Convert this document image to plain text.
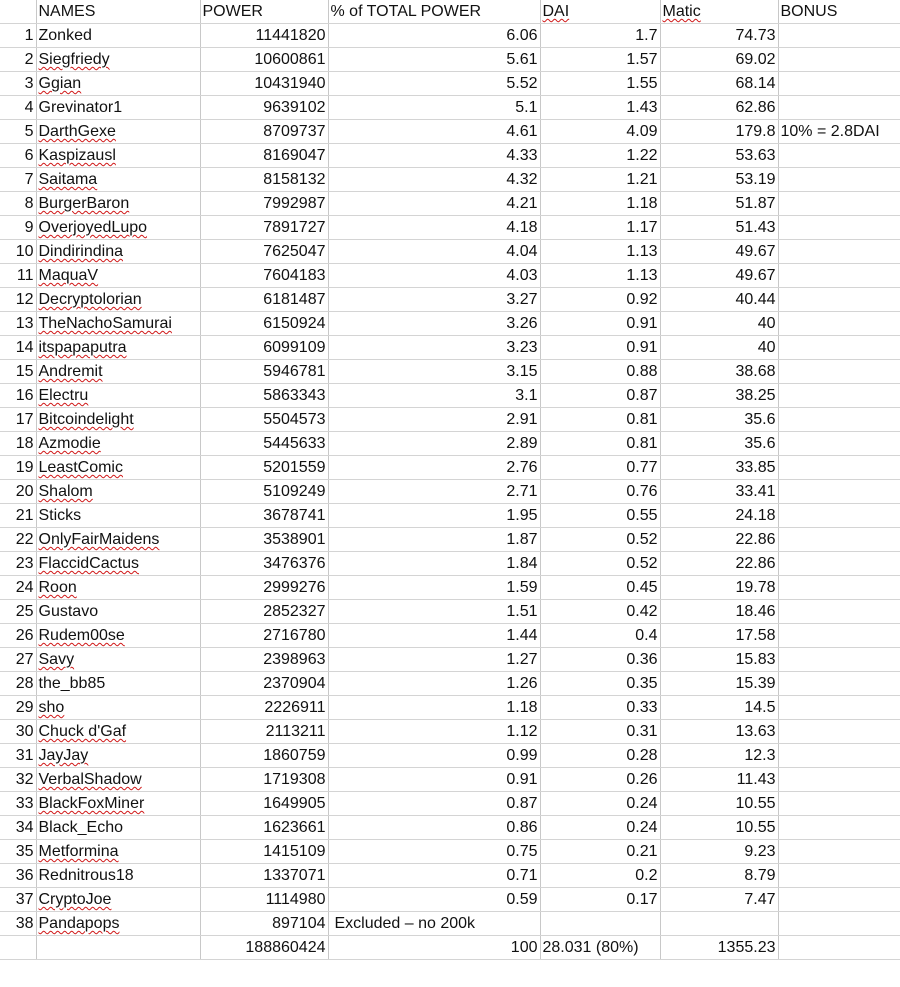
	NAMES	POWER	% of TOTAL POWER	DAI	Matic	BONUS
1	Zonked	11441820	6.06	1.7	74.73	
2	Siegfriedy	10600861	5.61	1.57	69.02	
3	Ggian	10431940	5.52	1.55	68.14	
4	Grevinator1	9639102	5.1	1.43	62.86	
5	DarthGexe	8709737	4.61	4.09	179.8	10% = 2.8DAI
6	Kaspizausl	8169047	4.33	1.22	53.63	
7	Saitama	8158132	4.32	1.21	53.19	
8	BurgerBaron	7992987	4.21	1.18	51.87	
9	OverjoyedLupo	7891727	4.18	1.17	51.43	
10	Dindirindina	7625047	4.04	1.13	49.67	
11	MaquaV	7604183	4.03	1.13	49.67	
12	Decryptolorian	6181487	3.27	0.92	40.44	
13	TheNachoSamurai	6150924	3.26	0.91	40	
14	itspapaputra	6099109	3.23	0.91	40	
15	Andremit	5946781	3.15	0.88	38.68	
16	Electru	5863343	3.1	0.87	38.25	
17	Bitcoindelight	5504573	2.91	0.81	35.6	
18	Azmodie	5445633	2.89	0.81	35.6	
19	LeastComic	5201559	2.76	0.77	33.85	
20	Shalom	5109249	2.71	0.76	33.41	
21	Sticks	3678741	1.95	0.55	24.18	
22	OnlyFairMaidens	3538901	1.87	0.52	22.86	
23	FlaccidCactus	3476376	1.84	0.52	22.86	
24	Roon	2999276	1.59	0.45	19.78	
25	Gustavo	2852327	1.51	0.42	18.46	
26	Rudem00se	2716780	1.44	0.4	17.58	
27	Savy	2398963	1.27	0.36	15.83	
28	the_bb85	2370904	1.26	0.35	15.39	
29	sho	2226911	1.18	0.33	14.5	
30	Chuck d'Gaf	2113211	1.12	0.31	13.63	
31	JayJay	1860759	0.99	0.28	12.3	
32	VerbalShadow	1719308	0.91	0.26	11.43	
33	BlackFoxMiner	1649905	0.87	0.24	10.55	
34	Black_Echo	1623661	0.86	0.24	10.55	
35	Metformina	1415109	0.75	0.21	9.23	
36	Rednitrous18	1337071	0.71	0.2	8.79	
37	CryptoJoe	1114980	0.59	0.17	7.47	
38	Pandapops	897104	Excluded – no 200k			
		188860424	100	28.031 (80%)	1355.23	
